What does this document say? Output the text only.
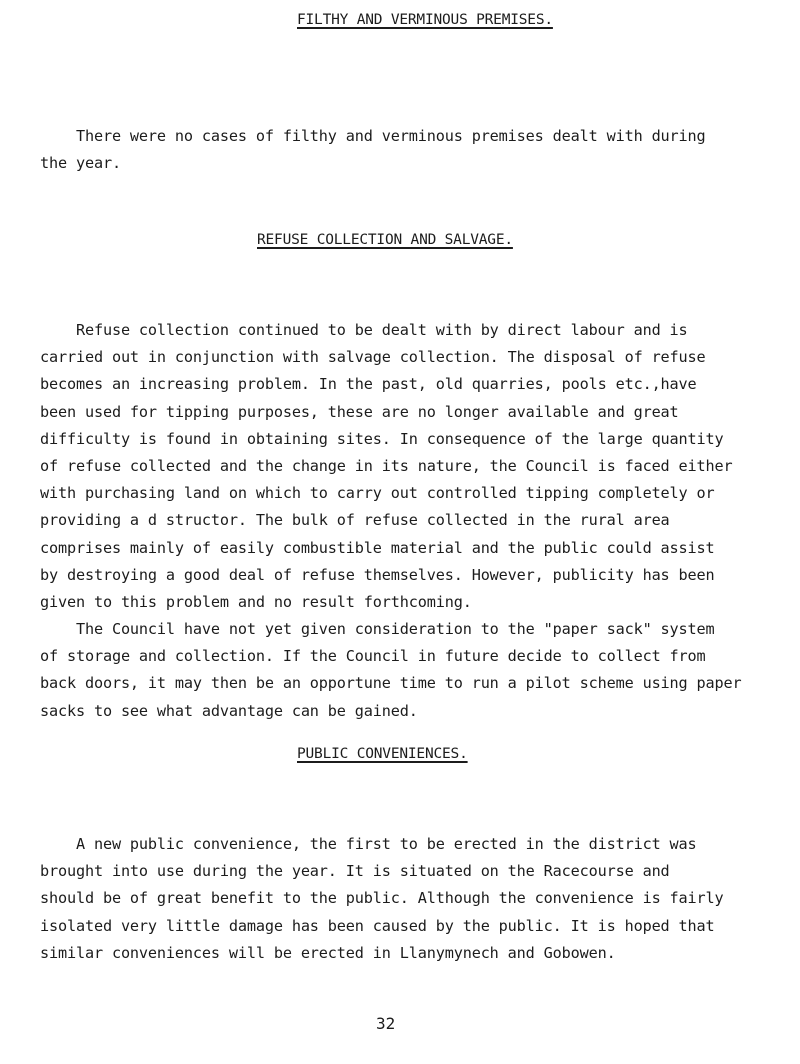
FILTHY AND VERMINOUS PREMISES.
There were no cases of filthy and verminous premises dealt with during
the year.
REFUSE COLLECTION AND SALVAGE.
Refuse collection continued to be dealt with by direct labour and is
carried out in conjunction with salvage collection. The disposal of refuse
becomes an increasing problem. In the past, old quarries, pools etc.,have
been used for tipping purposes, these are no longer available and great
difficulty is found in obtaining sites. In consequence of the large quantity
of refuse collected and the change in its nature, the Council is faced either
with purchasing land on which to carry out controlled tipping completely or
providing a d structor. The bulk of refuse collected in the rural area
comprises mainly of easily combustible material and the public could assist
by destroying a good deal of refuse themselves. However, publicity has been
given to this problem and no result forthcoming.
The Council have not yet given consideration to the "paper sack" system
of storage and collection. If the Council in future decide to collect from
back doors, it may then be an opportune time to run a pilot scheme using paper
sacks to see what advantage can be gained.
PUBLIC CONVENIENCES.
A new public convenience, the first to be erected in the district was
brought into use during the year. It is situated on the Racecourse and
should be of great benefit to the public. Although the convenience is fairly
isolated very little damage has been caused by the public. It is hoped that
similar conveniences will be erected in Llanymynech and Gobowen.
32
